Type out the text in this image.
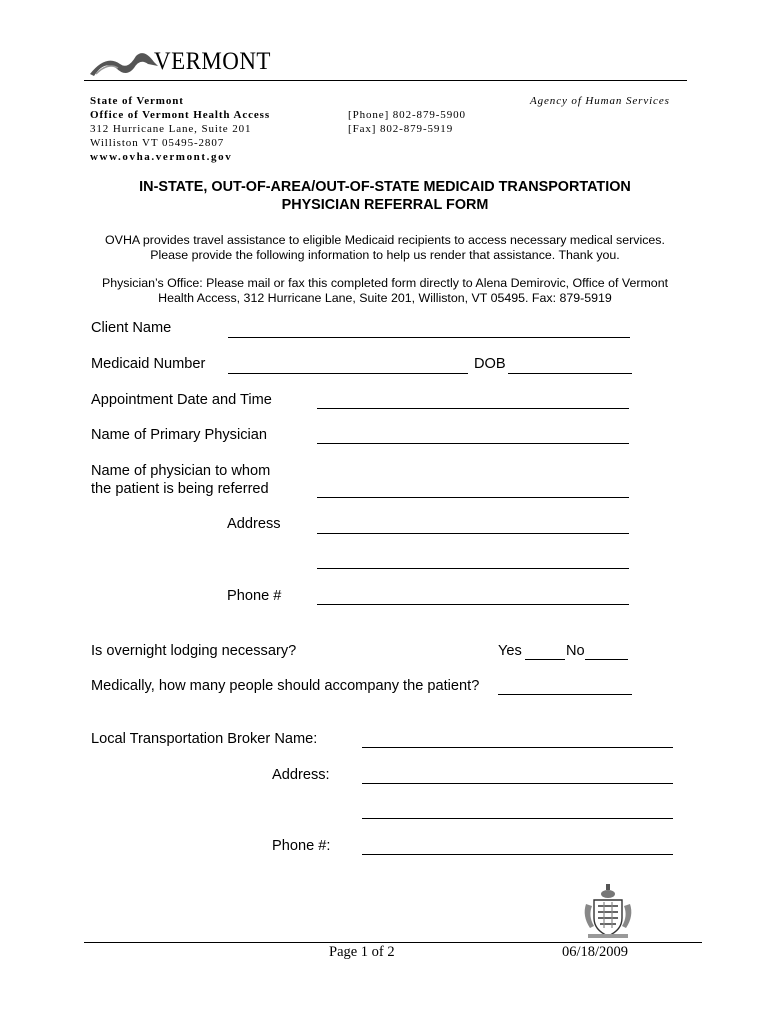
VERMONT
State of Vermont
Office of Vermont Health Access
312 Hurricane Lane, Suite 201
Williston VT 05495-2807
www.ovha.vermont.gov
[Phone] 802-879-5900
[Fax] 802-879-5919
Agency of Human Services
IN-STATE, OUT-OF-AREA/OUT-OF-STATE MEDICAID TRANSPORTATION
PHYSICIAN REFERRAL FORM
OVHA provides travel assistance to eligible Medicaid recipients to access necessary medical services.
Please provide the following information to help us render that assistance. Thank you.
Physician’s Office: Please mail or fax this completed form directly to Alena Demirovic, Office of Vermont
Health Access, 312 Hurricane Lane, Suite 201, Williston, VT 05495. Fax: 879-5919
Client Name
Medicaid Number	DOB
Appointment Date and Time
Name of Primary Physician
Name of physician to whom
the patient is being referred
Address
Phone #
Is overnight lodging necessary?	Yes	No
Medically, how many people should accompany the patient?
Local Transportation Broker Name:
Address:
Phone #:
Page 1 of 2	06/18/2009
